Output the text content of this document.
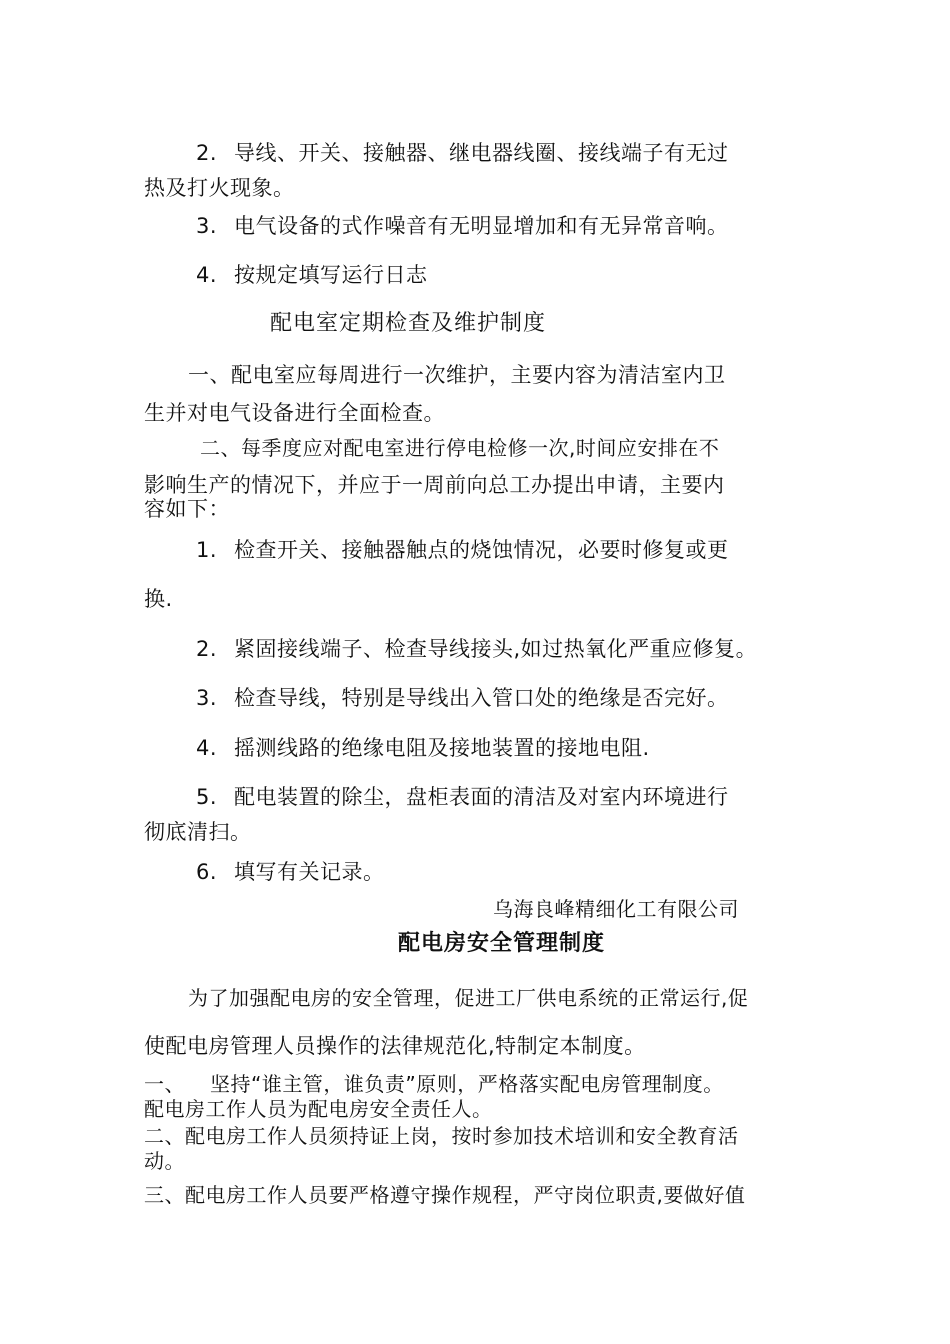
2. 导线、开关、接触器、继电器线圈、接线端子有无过
热及打火现象。
3. 电气设备的式作噪音有无明显增加和有无异常音响。
4. 按规定填写运行日志
配电室定期检查及维护制度
一、配电室应每周进行一次维护，主要内容为清洁室内卫
生并对电气设备进行全面检查。
二、每季度应对配电室进行停电检修一次,时间应安排在不
影响生产的情况下，并应于一周前向总工办提出申请，主要内
容如下：
1. 检查开关、接触器触点的烧蚀情况，必要时修复或更
换.
2. 紧固接线端子、检查导线接头,如过热氧化严重应修复。
3. 检查导线，特别是导线出入管口处的绝缘是否完好。
4. 摇测线路的绝缘电阻及接地装置的接地电阻.
5. 配电装置的除尘，盘柜表面的清洁及对室内环境进行
彻底清扫。
6. 填写有关记录。
乌海良峰精细化工有限公司
配电房安全管理制度
为了加强配电房的安全管理，促进工厂供电系统的正常运行,促
使配电房管理人员操作的法律规范化,特制定本制度。
一、 坚持“谁主管，谁负责”原则，严格落实配电房管理制度。
配电房工作人员为配电房安全责任人。
二、配电房工作人员须持证上岗，按时参加技术培训和安全教育活
动。
三、配电房工作人员要严格遵守操作规程，严守岗位职责,要做好值
